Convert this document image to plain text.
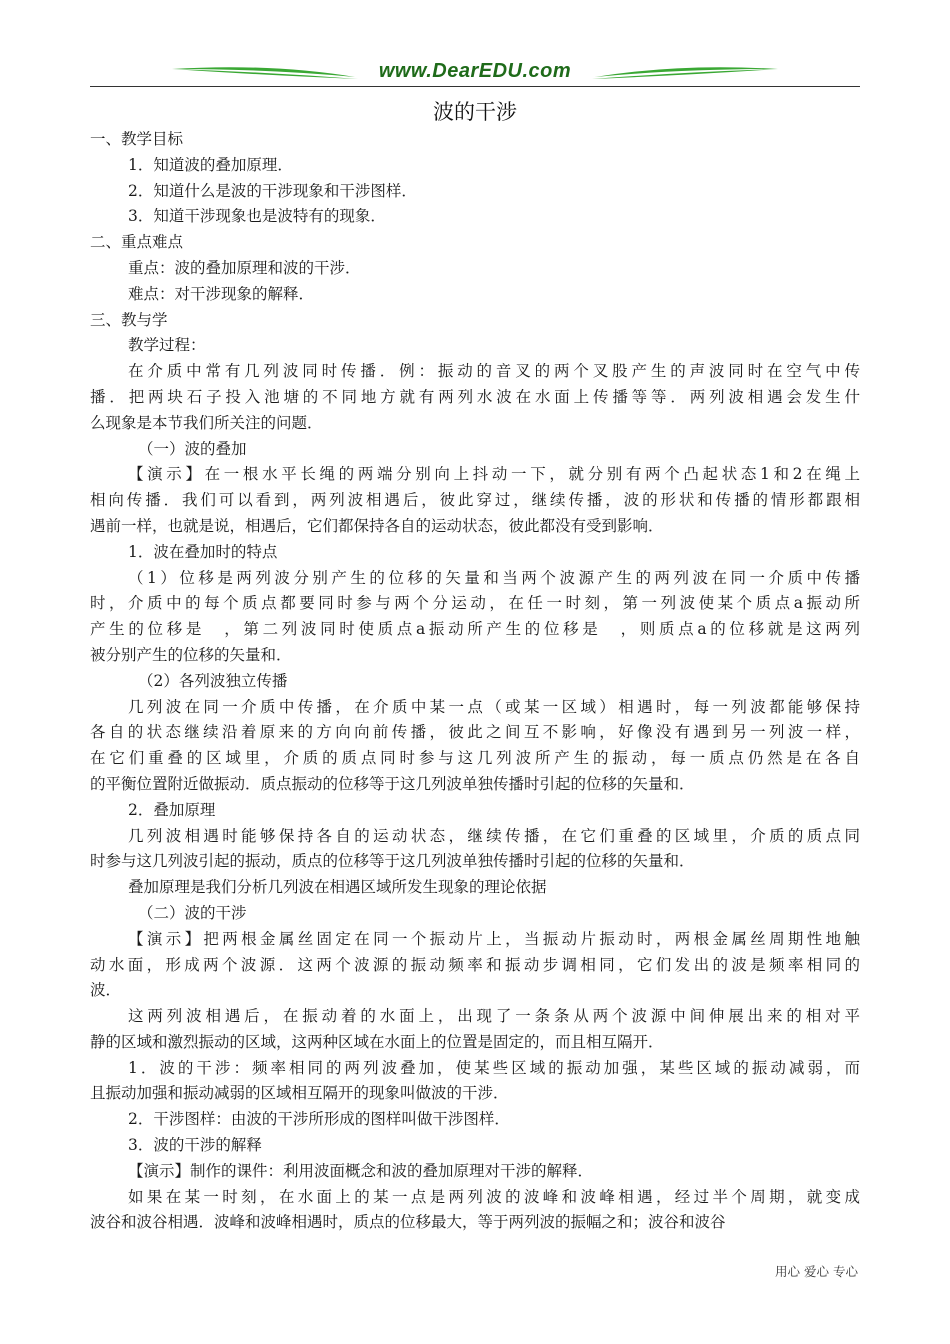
www.DearEDU.com
波的干涉
一、教学目标
1．知道波的叠加原理．
2．知道什么是波的干涉现象和干涉图样．
3．知道干涉现象也是波特有的现象．
二、重点难点
重点：波的叠加原理和波的干涉．
难点：对干涉现象的解释．
三、教与学
教学过程：
在介质中常有几列波同时传播．例：振动的音叉的两个叉股产生的声波同时在空气中传
播．把两块石子投入池塘的不同地方就有两列水波在水面上传播等等．两列波相遇会发生什
么现象是本节我们所关注的问题．
（一）波的叠加
【演示】在一根水平长绳的两端分别向上抖动一下，就分别有两个凸起状态1和2在绳上
相向传播．我们可以看到，两列波相遇后，彼此穿过，继续传播，波的形状和传播的情形都跟相
遇前一样，也就是说，相遇后，它们都保持各自的运动状态，彼此都没有受到影响．
1．波在叠加时的特点
（1）位移是两列波分别产生的位移的矢量和当两个波源产生的两列波在同一介质中传播
时，介质中的每个质点都要同时参与两个分运动，在任一时刻，第一列波使某个质点a振动所
产生的位移是　，第二列波同时使质点a振动所产生的位移是　，则质点a的位移就是这两列
被分别产生的位移的矢量和．
（2）各列波独立传播
几列波在同一介质中传播，在介质中某一点（或某一区域）相遇时，每一列波都能够保持
各自的状态继续沿着原来的方向向前传播，彼此之间互不影响，好像没有遇到另一列波一样，
在它们重叠的区域里，介质的质点同时参与这几列波所产生的振动，每一质点仍然是在各自
的平衡位置附近做振动．质点振动的位移等于这几列波单独传播时引起的位移的矢量和．
2．叠加原理
几列波相遇时能够保持各自的运动状态，继续传播，在它们重叠的区域里，介质的质点同
时参与这几列波引起的振动，质点的位移等于这几列波单独传播时引起的位移的矢量和．
叠加原理是我们分析几列波在相遇区域所发生现象的理论依据
（二）波的干涉
【演示】把两根金属丝固定在同一个振动片上，当振动片振动时，两根金属丝周期性地触
动水面，形成两个波源．这两个波源的振动频率和振动步调相同，它们发出的波是频率相同的
波．
这两列波相遇后，在振动着的水面上，出现了一条条从两个波源中间伸展出来的相对平
静的区域和激烈振动的区域，这两种区域在水面上的位置是固定的，而且相互隔开．
1．波的干涉：频率相同的两列波叠加，使某些区域的振动加强，某些区域的振动减弱，而
且振动加强和振动减弱的区域相互隔开的现象叫做波的干涉．
2．干涉图样：由波的干涉所形成的图样叫做干涉图样．
3．波的干涉的解释
【演示】制作的课件：利用波面概念和波的叠加原理对干涉的解释．
如果在某一时刻，在水面上的某一点是两列波的波峰和波峰相遇，经过半个周期，就变成
波谷和波谷相遇．波峰和波峰相遇时，质点的位移最大，等于两列波的振幅之和；波谷和波谷
用心 爱心 专心
